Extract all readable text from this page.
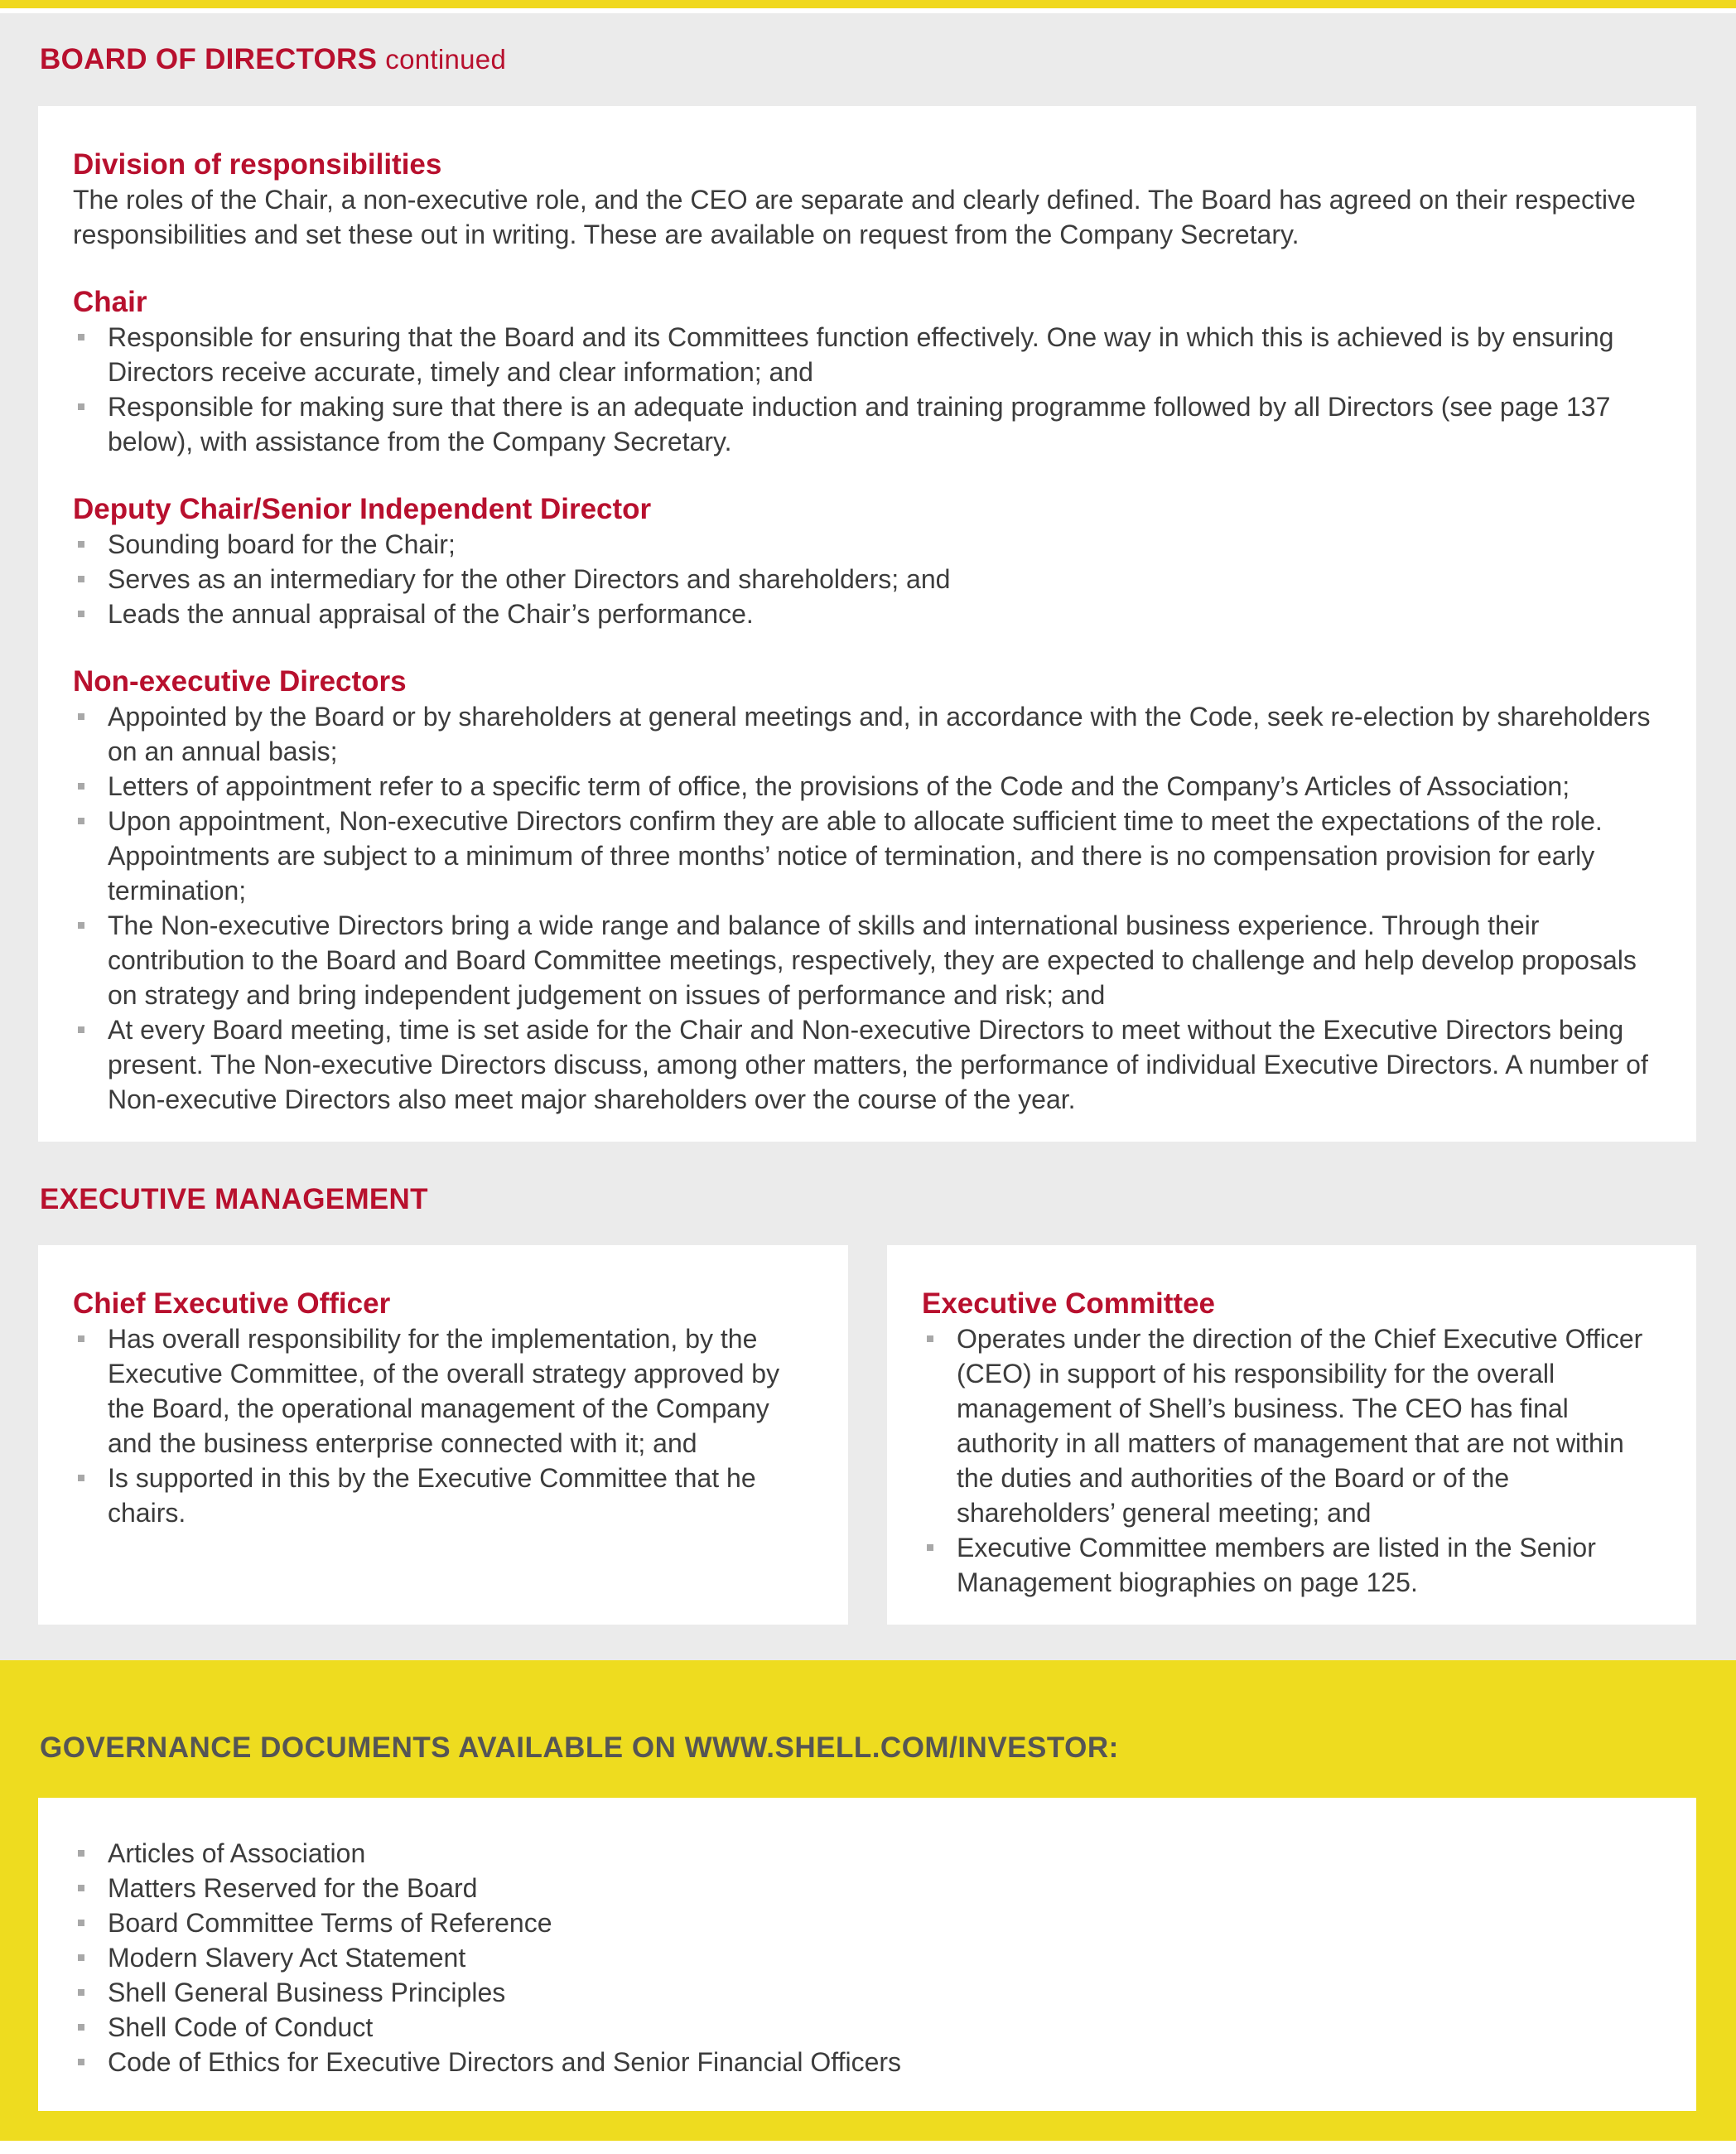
BOARD OF DIRECTORS continued
Division of responsibilities

The roles of the Chair, a non-executive role, and the CEO are separate and clearly defined. The Board has agreed on their respective responsibilities and set these out in writing. These are available on request from the Company Secretary.

Chair
Responsible for ensuring that the Board and its Committees function effectively. One way in which this is achieved is by ensuring Directors receive accurate, timely and clear information; and
Responsible for making sure that there is an adequate induction and training programme followed by all Directors (see page 137 below), with assistance from the Company Secretary.
Deputy Chair/Senior Independent Director
Sounding board for the Chair;
Serves as an intermediary for the other Directors and shareholders; and
Leads the annual appraisal of the Chair’s performance.
Non-executive Directors
Appointed by the Board or by shareholders at general meetings and, in accordance with the Code, seek re-election by shareholders on an annual basis;
Letters of appointment refer to a specific term of office, the provisions of the Code and the Company’s Articles of Association;
Upon appointment, Non-executive Directors confirm they are able to allocate sufficient time to meet the expectations of the role. Appointments are subject to a minimum of three months’ notice of termination, and there is no compensation provision for early termination;
The Non-executive Directors bring a wide range and balance of skills and international business experience. Through their contribution to the Board and Board Committee meetings, respectively, they are expected to challenge and help develop proposals on strategy and bring independent judgement on issues of performance and risk; and
At every Board meeting, time is set aside for the Chair and Non-executive Directors to meet without the Executive Directors being present. The Non-executive Directors discuss, among other matters, the performance of individual Executive Directors. A number of Non-executive Directors also meet major shareholders over the course of the year.
EXECUTIVE MANAGEMENT
Chief Executive Officer
Has overall responsibility for the implementation, by the Executive Committee, of the overall strategy approved by the Board, the operational management of the Company and the business enterprise connected with it; and
Is supported in this by the Executive Committee that he chairs.
Executive Committee
Operates under the direction of the Chief Executive Officer (CEO) in support of his responsibility for the overall management of Shell’s business. The CEO has final authority in all matters of management that are not within the duties and authorities of the Board or of the shareholders’ general meeting; and
Executive Committee members are listed in the Senior Management biographies on page 125.
GOVERNANCE DOCUMENTS AVAILABLE ON WWW.SHELL.COM/INVESTOR:
Articles of Association
Matters Reserved for the Board
Board Committee Terms of Reference
Modern Slavery Act Statement
Shell General Business Principles
Shell Code of Conduct
Code of Ethics for Executive Directors and Senior Financial Officers
